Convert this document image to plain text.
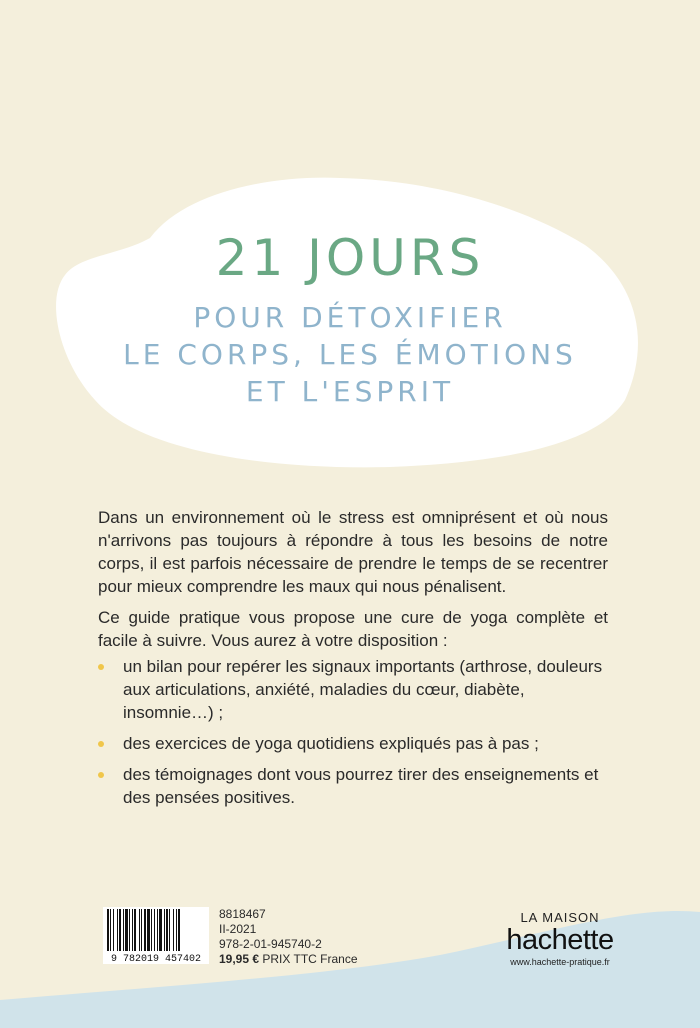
21 JOURS
POUR DÉTOXIFIER
LE CORPS, LES ÉMOTIONS
ET L'ESPRIT

Dans un environnement où le stress est omniprésent et où nous n'arrivons pas toujours à répondre à tous les besoins de notre corps, il est parfois nécessaire de prendre le temps de se recentrer pour mieux comprendre les maux qui nous pénalisent.

Ce guide pratique vous propose une cure de yoga complète et facile à suivre. Vous aurez à votre disposition :

un bilan pour repérer les signaux importants (arthrose, douleurs aux articulations, anxiété, maladies du cœur, diabète, insomnie…) ;
des exercices de yoga quotidiens expliqués pas à pas ;
des témoignages dont vous pourrez tirer des enseignements et des pensées positives.
9 782019 457402
8818467
II-2021
978-2-01-945740-2
19,95 € PRIX TTC France
LA MAISON
hachette
www.hachette-pratique.fr
